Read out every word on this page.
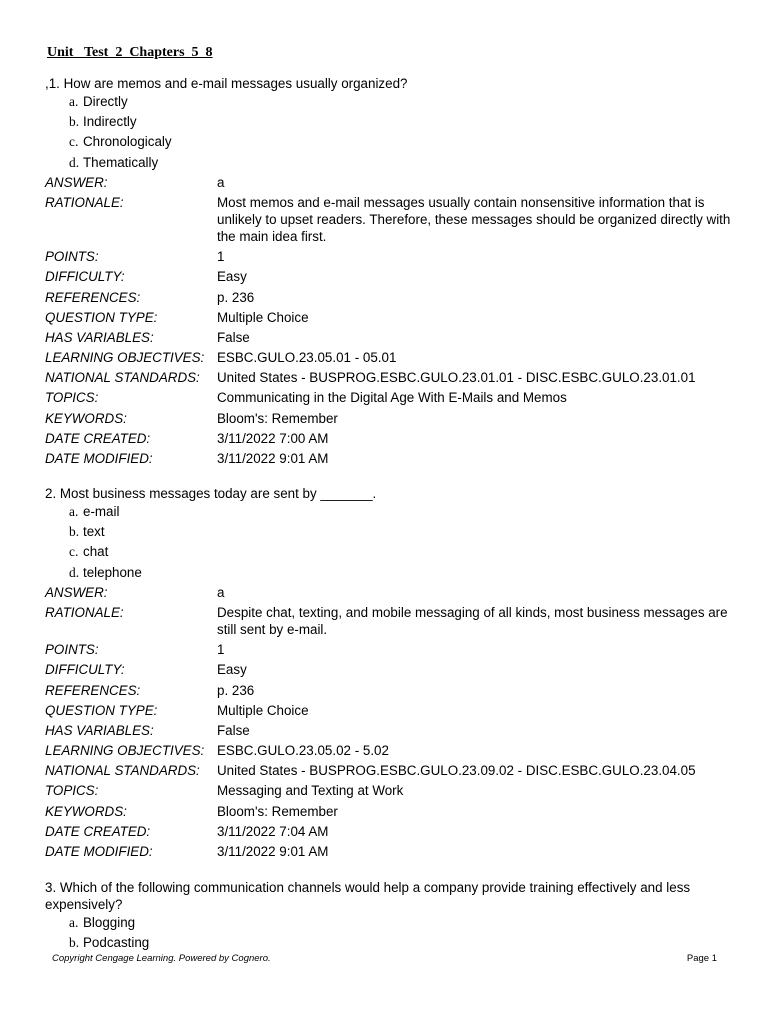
Unit _Test_2_Chapters_5_8
,1. How are memos and e-mail messages usually organized?
a. Directly
b. Indirectly
c. Chronologicaly
d. Thematically
ANSWER:	a
RATIONALE:	Most memos and e-mail messages usually contain nonsensitive information that is unlikely to upset readers. Therefore, these messages should be organized directly with the main idea first.
POINTS:	1
DIFFICULTY:	Easy
REFERENCES:	p. 236
QUESTION TYPE:	Multiple Choice
HAS VARIABLES:	False
LEARNING OBJECTIVES: ESBC.GULO.23.05.01 - 05.01
NATIONAL STANDARDS:	United States - BUSPROG.ESBC.GULO.23.01.01 - DISC.ESBC.GULO.23.01.01
TOPICS:	Communicating in the Digital Age With E-Mails and Memos
KEYWORDS:	Bloom's: Remember
DATE CREATED:	3/11/2022 7:00 AM
DATE MODIFIED:	3/11/2022 9:01 AM
2. Most business messages today are sent by _______.
a. e-mail
b. text
c. chat
d. telephone
ANSWER:	a
RATIONALE:	Despite chat, texting, and mobile messaging of all kinds, most business messages are still sent by e-mail.
POINTS:	1
DIFFICULTY:	Easy
REFERENCES:	p. 236
QUESTION TYPE:	Multiple Choice
HAS VARIABLES:	False
LEARNING OBJECTIVES: ESBC.GULO.23.05.02 - 5.02
NATIONAL STANDARDS:	United States - BUSPROG.ESBC.GULO.23.09.02 - DISC.ESBC.GULO.23.04.05
TOPICS:	Messaging and Texting at Work
KEYWORDS:	Bloom's: Remember
DATE CREATED:	3/11/2022 7:04 AM
DATE MODIFIED:	3/11/2022 9:01 AM
3. Which of the following communication channels would help a company provide training effectively and less expensively?
a. Blogging
b. Podcasting
Copyright Cengage Learning. Powered by Cognero.	Page 1
